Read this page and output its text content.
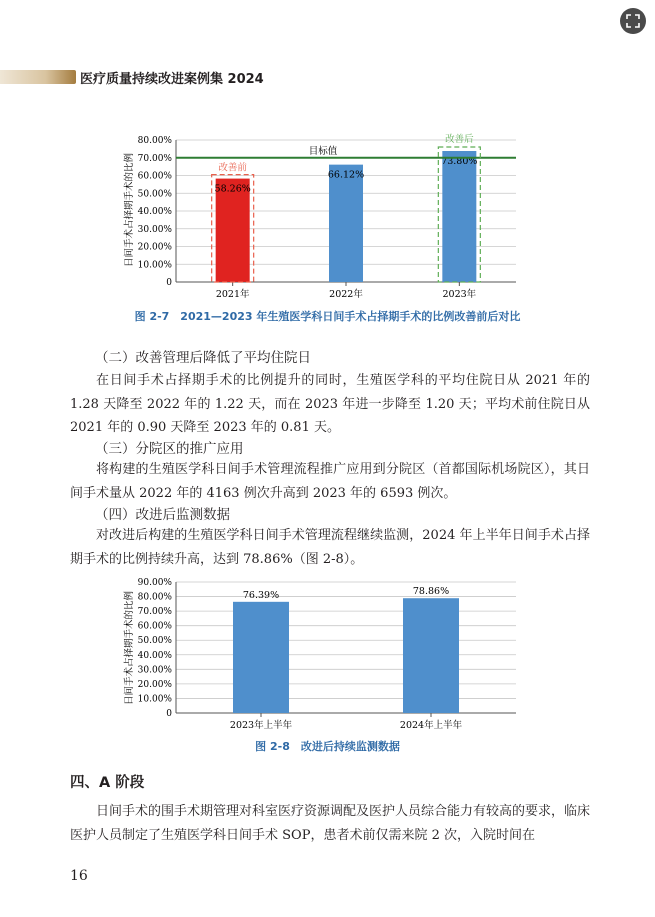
医疗质量持续改进案例集 2024
日间手术占择期手术的比例
0
10.00%
20.00%
30.00%
40.00%
50.00%
60.00%
70.00%
80.00%
2021年	2022年	2023年
58.26%
66.12%
73.80%
目标值
改善前
改善后
图 2-7　2021—2023 年生殖医学科日间手术占择期手术的比例改善前后对比
（二）改善管理后降低了平均住院日
在日间手术占择期手术的比例提升的同时，生殖医学科的平均住院日从 2021 年的 1.28 天降至 2022 年的 1.22 天，而在 2023 年进一步降至 1.20 天；平均术前住院日从 2021 年的 0.90 天降至 2023 年的 0.81 天。
（三）分院区的推广应用
将构建的生殖医学科日间手术管理流程推广应用到分院区（首都国际机场院区），其日间手术量从 2022 年的 4163 例次升高到 2023 年的 6593 例次。
（四）改进后监测数据
对改进后构建的生殖医学科日间手术管理流程继续监测，2024 年上半年日间手术占择期手术的比例持续升高，达到 78.86%（图 2-8）。
日间手术占择期手术的比例
0
10.00%
20.00%
30.00%
40.00%
50.00%
60.00%
70.00%
80.00%
90.00%
2023年上半年	2024年上半年
76.39%	78.86%
图 2-8　改进后持续监测数据
四、A 阶段
日间手术的围手术期管理对科室医疗资源调配及医护人员综合能力有较高的要求，临床医护人员制定了生殖医学科日间手术 SOP，患者术前仅需来院 2 次，入院时间在
16
